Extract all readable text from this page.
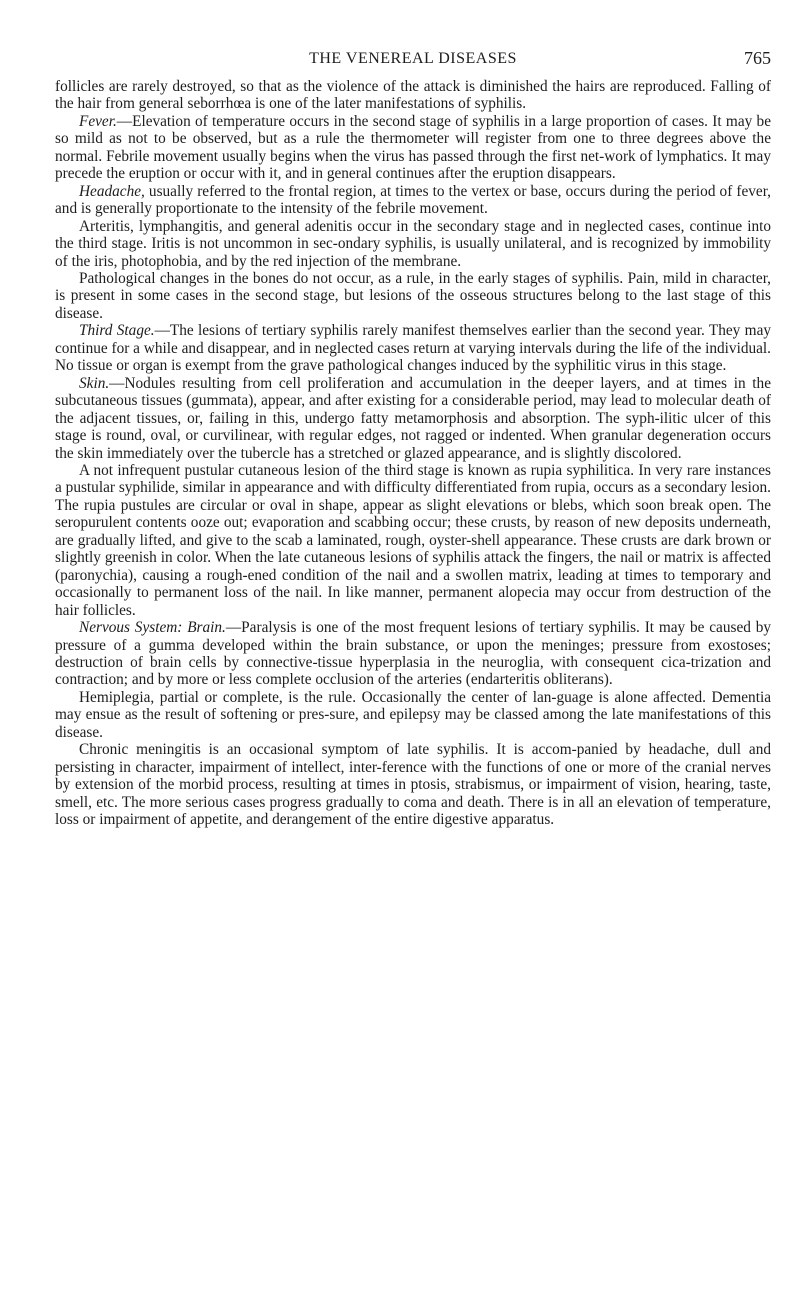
THE VENEREAL DISEASES	765

follicles are rarely destroyed, so that as the violence of the attack is diminished the hairs are reproduced. Falling of the hair from general seborrhœa is one of the later manifestations of syphilis.

Fever.—Elevation of temperature occurs in the second stage of syphilis in a large proportion of cases. It may be so mild as not to be observed, but as a rule the thermometer will register from one to three degrees above the normal. Febrile movement usually begins when the virus has passed through the first net-work of lymphatics. It may precede the eruption or occur with it, and in general continues after the eruption disappears.

Headache, usually referred to the frontal region, at times to the vertex or base, occurs during the period of fever, and is generally proportionate to the intensity of the febrile movement.

Arteritis, lymphangitis, and general adenitis occur in the secondary stage and in neglected cases, continue into the third stage. Iritis is not uncommon in sec-ondary syphilis, is usually unilateral, and is recognized by immobility of the iris, photophobia, and by the red injection of the membrane.

Pathological changes in the bones do not occur, as a rule, in the early stages of syphilis. Pain, mild in character, is present in some cases in the second stage, but lesions of the osseous structures belong to the last stage of this disease.

Third Stage.—The lesions of tertiary syphilis rarely manifest themselves earlier than the second year. They may continue for a while and disappear, and in neglected cases return at varying intervals during the life of the individual. No tissue or organ is exempt from the grave pathological changes induced by the syphilitic virus in this stage.

Skin.—Nodules resulting from cell proliferation and accumulation in the deeper layers, and at times in the subcutaneous tissues (gummata), appear, and after existing for a considerable period, may lead to molecular death of the adjacent tissues, or, failing in this, undergo fatty metamorphosis and absorption. The syph-ilitic ulcer of this stage is round, oval, or curvilinear, with regular edges, not ragged or indented. When granular degeneration occurs the skin immediately over the tubercle has a stretched or glazed appearance, and is slightly discolored.

A not infrequent pustular cutaneous lesion of the third stage is known as rupia syphilitica. In very rare instances a pustular syphilide, similar in appearance and with difficulty differentiated from rupia, occurs as a secondary lesion. The rupia pustules are circular or oval in shape, appear as slight elevations or blebs, which soon break open. The seropurulent contents ooze out; evaporation and scabbing occur; these crusts, by reason of new deposits underneath, are gradually lifted, and give to the scab a laminated, rough, oyster-shell appearance. These crusts are dark brown or slightly greenish in color. When the late cutaneous lesions of syphilis attack the fingers, the nail or matrix is affected (paronychia), causing a rough-ened condition of the nail and a swollen matrix, leading at times to temporary and occasionally to permanent loss of the nail. In like manner, permanent alopecia may occur from destruction of the hair follicles.

Nervous System: Brain.—Paralysis is one of the most frequent lesions of tertiary syphilis. It may be caused by pressure of a gumma developed within the brain substance, or upon the meninges; pressure from exostoses; destruction of brain cells by connective-tissue hyperplasia in the neuroglia, with consequent cica-trization and contraction; and by more or less complete occlusion of the arteries (endarteritis obliterans).

Hemiplegia, partial or complete, is the rule. Occasionally the center of lan-guage is alone affected. Dementia may ensue as the result of softening or pres-sure, and epilepsy may be classed among the late manifestations of this disease.

Chronic meningitis is an occasional symptom of late syphilis. It is accom-panied by headache, dull and persisting in character, impairment of intellect, inter-ference with the functions of one or more of the cranial nerves by extension of the morbid process, resulting at times in ptosis, strabismus, or impairment of vision, hearing, taste, smell, etc. The more serious cases progress gradually to coma and death. There is in all an elevation of temperature, loss or impairment of appetite, and derangement of the entire digestive apparatus.
